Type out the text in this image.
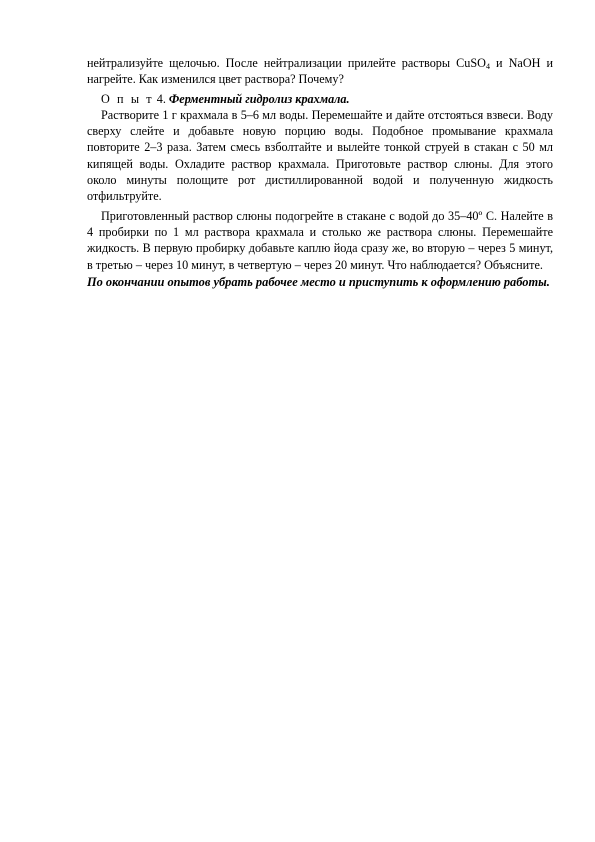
нейтрализуйте щелочью. После нейтрализации прилейте растворы CuSO$_4$ и NaOH и нагрейте. Как изменился цвет раствора? Почему?

О п ы т 4. Ферментный гидролиз крахмала.

Растворите 1 г крахмала в 5–6 мл воды. Перемешайте и дайте отстояться взвеси. Воду сверху слейте и добавьте новую порцию воды. Подобное промывание крахмала повторите 2–3 раза. Затем смесь взболтайте и вылейте тонкой струей в стакан с 50 мл кипящей воды. Охладите раствор крахмала. Приготовьте раствор слюны. Для этого около минуты полощите рот дистиллированной водой и полученную жидкость отфильтруйте.

Приготовленный раствор слюны подогрейте в стакане с водой до 35–40º С. Налейте в 4 пробирки по 1 мл раствора крахмала и столько же раствора слюны. Перемешайте жидкость. В первую пробирку добавьте каплю йода сразу же, во вторую – через 5 минут, в третью – через 10 минут, в четвертую – через 20 минут. Что наблюдается? Объясните.

По окончании опытов убрать рабочее место и приступить к оформлению работы.
